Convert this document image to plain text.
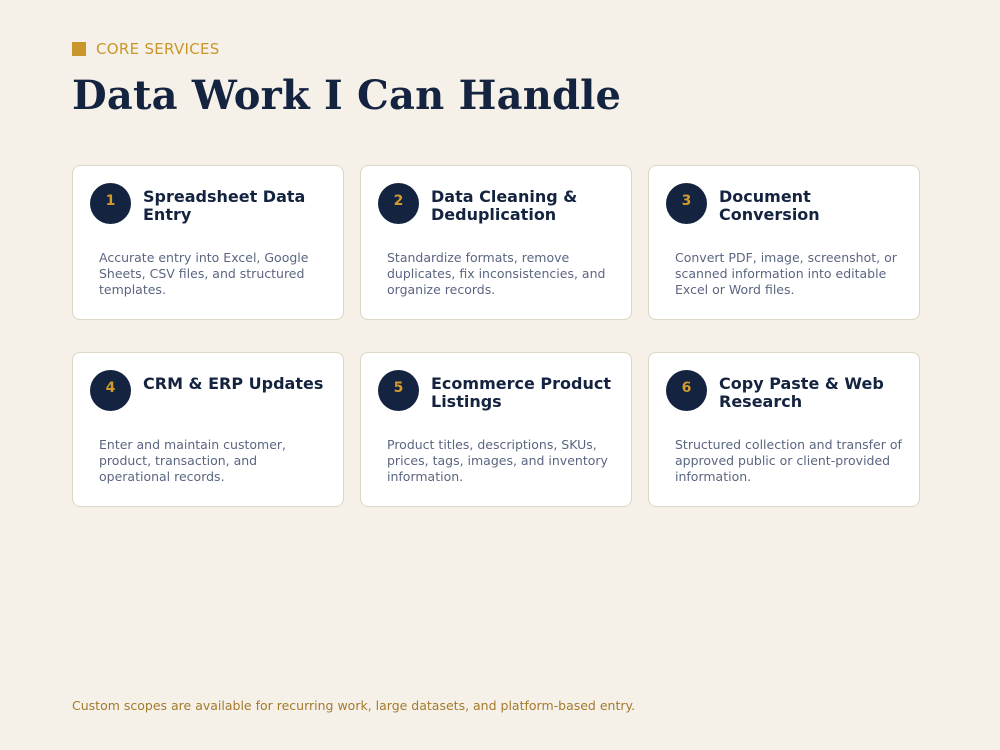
CORE SERVICES
Data Work I Can Handle
1	Spreadsheet Data Entry
Accurate entry into Excel, Google Sheets, CSV files, and structured templates.
2	Data Cleaning & Deduplication
Standardize formats, remove duplicates, fix inconsistencies, and organize records.
3	Document Conversion
Convert PDF, image, screenshot, or scanned information into editable Excel or Word files.
4	CRM & ERP Updates
Enter and maintain customer, product, transaction, and operational records.
5	Ecommerce Product Listings
Product titles, descriptions, SKUs, prices, tags, images, and inventory information.
6	Copy Paste & Web Research
Structured collection and transfer of approved public or client-provided information.

Custom scopes are available for recurring work, large datasets, and platform-based entry.
